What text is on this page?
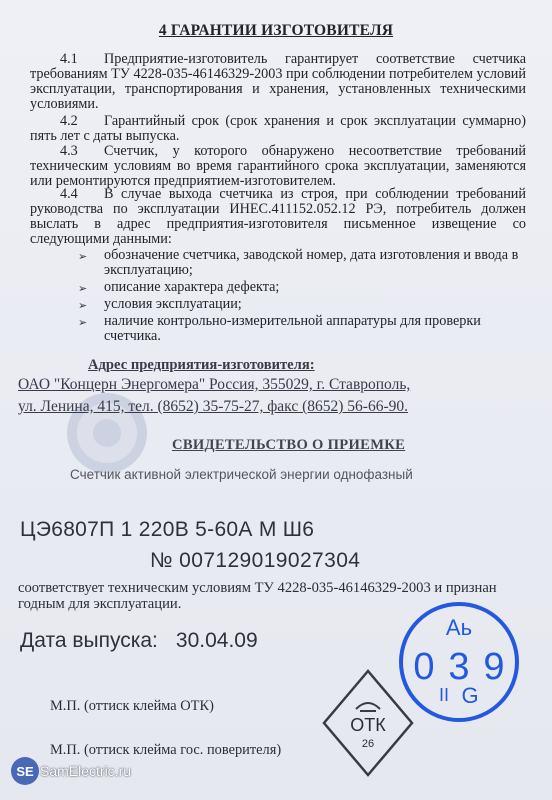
4 ГАРАНТИИ ИЗГОТОВИТЕЛЯ
4.1 Предприятие-изготовитель гарантирует соответствие счетчика требованиям ТУ 4228-035-46146329-2003 при соблюдении потребителем условий эксплуатации, транспортирования и хранения, установленных техническими условиями.
4.2 Гарантийный срок (срок хранения и срок эксплуатации суммарно) пять лет с даты выпуска.
4.3 Счетчик, у которого обнаружено несоответствие требований техническим условиям во время гарантийного срока эксплуатации, заменяются или ремонтируются предприятием-изготовителем.
4.4 В случае выхода счетчика из строя, при соблюдении требований руководства по эксплуатации ИНЕС.411152.052.12 РЭ, потребитель должен выслать в адрес предприятия-изготовителя письменное извещение со следующими данными:
➢ обозначение счетчика, заводской номер, дата изготовления и ввода в эксплуатацию;
➢ описание характера дефекта;
➢ условия эксплуатации;
➢ наличие контрольно-измерительной аппаратуры для проверки счетчика.
Адрес предприятия-изготовителя:
ОАО "Концерн Энергомера" Россия, 355029, г. Ставрополь,
ул. Ленина, 415, тел. (8652) 35-75-27, факс (8652) 56-66-90.
СВИДЕТЕЛЬСТВО О ПРИЕМКЕ
Счетчик активной электрической энергии однофазный
ЦЭ6807П 1 220В 5-60А М Ш6
№ 007129019027304
соответствует техническим условиям ТУ 4228-035-46146329-2003 и признан годным для эксплуатации.
Дата выпуска: 30.04.09
М.П. (оттиск клейма ОТК)
М.П. (оттиск клейма гос. поверителя)
Аь
0 3 9
II G
ОТК
26
SE SamElectric.ru
